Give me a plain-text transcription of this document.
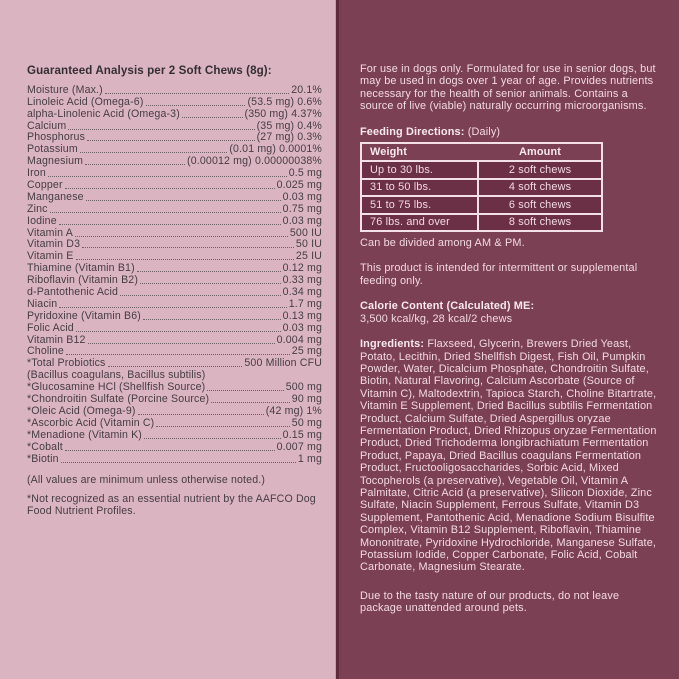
Guaranteed Analysis per 2 Soft Chews (8g):
Moisture (Max.)	20.1%
Linoleic Acid (Omega-6)	(53.5 mg) 0.6%
alpha-Linolenic Acid (Omega-3)	(350 mg) 4.37%
Calcium	(35 mg) 0.4%
Phosphorus	(27 mg) 0.3%
Potassium	(0.01 mg) 0.0001%
Magnesium	(0.00012 mg) 0.00000038%
Iron	0.5 mg
Copper	0.025 mg
Manganese	0.03 mg
Zinc	0.75 mg
Iodine	0.03 mg
Vitamin A	500 IU
Vitamin D3	50 IU
Vitamin E	25 IU
Thiamine (Vitamin B1)	0.12 mg
Riboflavin (Vitamin B2)	0.33 mg
d-Pantothenic Acid	0.34 mg
Niacin	1.7 mg
Pyridoxine (Vitamin B6)	0.13 mg
Folic Acid	0.03 mg
Vitamin B12	0.004 mg
Choline	25 mg
*Total Probiotics	500 Million CFU
(Bacillus coagulans, Bacillus subtilis)
*Glucosamine HCl (Shellfish Source)	500 mg
*Chondroitin Sulfate (Porcine Source)	90 mg
*Oleic Acid (Omega-9)	(42 mg) 1%
*Ascorbic Acid (Vitamin C)	50 mg
*Menadione (Vitamin K)	0.15 mg
*Cobalt	0.007 mg
*Biotin	1 mg

(All values are minimum unless otherwise noted.)

*Not recognized as an essential nutrient by the AAFCO Dog Food Nutrient Profiles.

For use in dogs only. Formulated for use in senior dogs, but may be used in dogs over 1 year of age. Provides nutrients necessary for the health of senior animals. Contains a source of live (viable) naturally occurring microorganisms.

Feeding Directions: (Daily)

Weight	Amount
Up to 30 lbs.	2 soft chews
31 to 50 lbs.	4 soft chews
51 to 75 lbs.	6 soft chews
76 lbs. and over	8 soft chews

Can be divided among AM & PM.

This product is intended for intermittent or supplemental feeding only.

Calorie Content (Calculated) ME:

3,500 kcal/kg, 28 kcal/2 chews

Ingredients: Flaxseed, Glycerin, Brewers Dried Yeast, Potato, Lecithin, Dried Shellfish Digest, Fish Oil, Pumpkin Powder, Water, Dicalcium Phosphate, Chondroitin Sulfate, Biotin, Natural Flavoring, Calcium Ascorbate (Source of Vitamin C), Maltodextrin, Tapioca Starch, Choline Bitartrate, Vitamin E Supplement, Dried Bacillus subtilis Fermentation Product, Calcium Sulfate, Dried Aspergillus oryzae Fermentation Product, Dried Rhizopus oryzae Fermentation Product, Dried Trichoderma longibrachiatum Fermentation Product, Papaya, Dried Bacillus coagulans Fermentation Product, Fructooligosaccharides, Sorbic Acid, Mixed Tocopherols (a preservative), Vegetable Oil, Vitamin A Palmitate, Citric Acid (a preservative), Silicon Dioxide, Zinc Sulfate, Niacin Supplement, Ferrous Sulfate, Vitamin D3 Supplement, Pantothenic Acid, Menadione Sodium Bisulfite Complex, Vitamin B12 Supplement, Riboflavin, Thiamine Mononitrate, Pyridoxine Hydrochloride, Manganese Sulfate, Potassium Iodide, Copper Carbonate, Folic Acid, Cobalt Carbonate, Magnesium Stearate.

Due to the tasty nature of our products, do not leave package unattended around pets.
